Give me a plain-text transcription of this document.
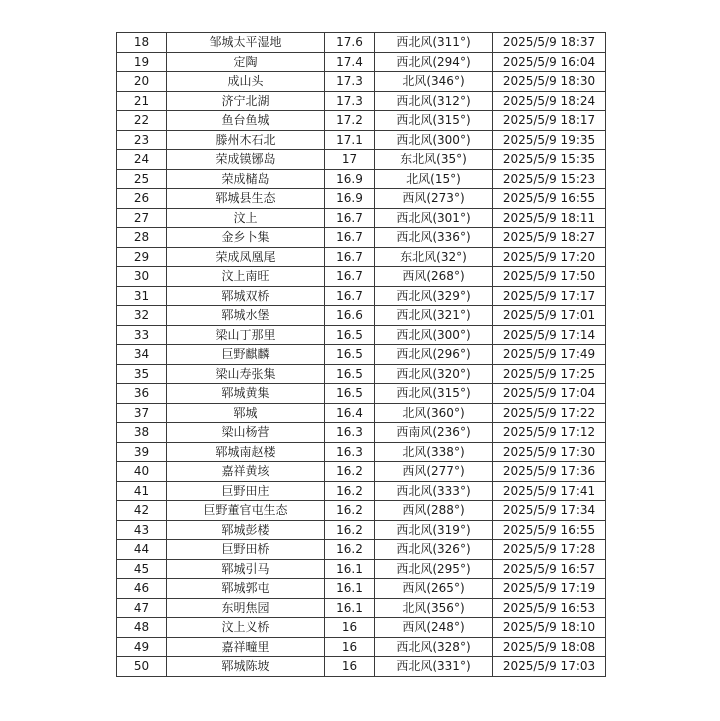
18	邹城太平湿地	17.6	西北风(311°)	2025/5/9 18:37
19	定陶	17.4	西北风(294°)	2025/5/9 16:04
20	成山头	17.3	北风(346°)	2025/5/9 18:30
21	济宁北湖	17.3	西北风(312°)	2025/5/9 18:24
22	鱼台鱼城	17.2	西北风(315°)	2025/5/9 18:17
23	滕州木石北	17.1	西北风(300°)	2025/5/9 19:35
24	荣成镆铘岛	17	东北风(35°)	2025/5/9 15:35
25	荣成槠岛	16.9	北风(15°)	2025/5/9 15:23
26	郓城县生态	16.9	西风(273°)	2025/5/9 16:55
27	汶上	16.7	西北风(301°)	2025/5/9 18:11
28	金乡卜集	16.7	西北风(336°)	2025/5/9 18:27
29	荣成凤凰尾	16.7	东北风(32°)	2025/5/9 17:20
30	汶上南旺	16.7	西风(268°)	2025/5/9 17:50
31	郓城双桥	16.7	西北风(329°)	2025/5/9 17:17
32	郓城水堡	16.6	西北风(321°)	2025/5/9 17:01
33	梁山丁那里	16.5	西北风(300°)	2025/5/9 17:14
34	巨野麒麟	16.5	西北风(296°)	2025/5/9 17:49
35	梁山寿张集	16.5	西北风(320°)	2025/5/9 17:25
36	郓城黄集	16.5	西北风(315°)	2025/5/9 17:04
37	郓城	16.4	北风(360°)	2025/5/9 17:22
38	梁山杨营	16.3	西南风(236°)	2025/5/9 17:12
39	郓城南赵楼	16.3	北风(338°)	2025/5/9 17:30
40	嘉祥黄垓	16.2	西风(277°)	2025/5/9 17:36
41	巨野田庄	16.2	西北风(333°)	2025/5/9 17:41
42	巨野董官屯生态	16.2	西风(288°)	2025/5/9 17:34
43	郓城彭楼	16.2	西北风(319°)	2025/5/9 16:55
44	巨野田桥	16.2	西北风(326°)	2025/5/9 17:28
45	郓城引马	16.1	西北风(295°)	2025/5/9 16:57
46	郓城郭屯	16.1	西风(265°)	2025/5/9 17:19
47	东明焦园	16.1	北风(356°)	2025/5/9 16:53
48	汶上义桥	16	西风(248°)	2025/5/9 18:10
49	嘉祥疃里	16	西北风(328°)	2025/5/9 18:08
50	郓城陈坡	16	西北风(331°)	2025/5/9 17:03
